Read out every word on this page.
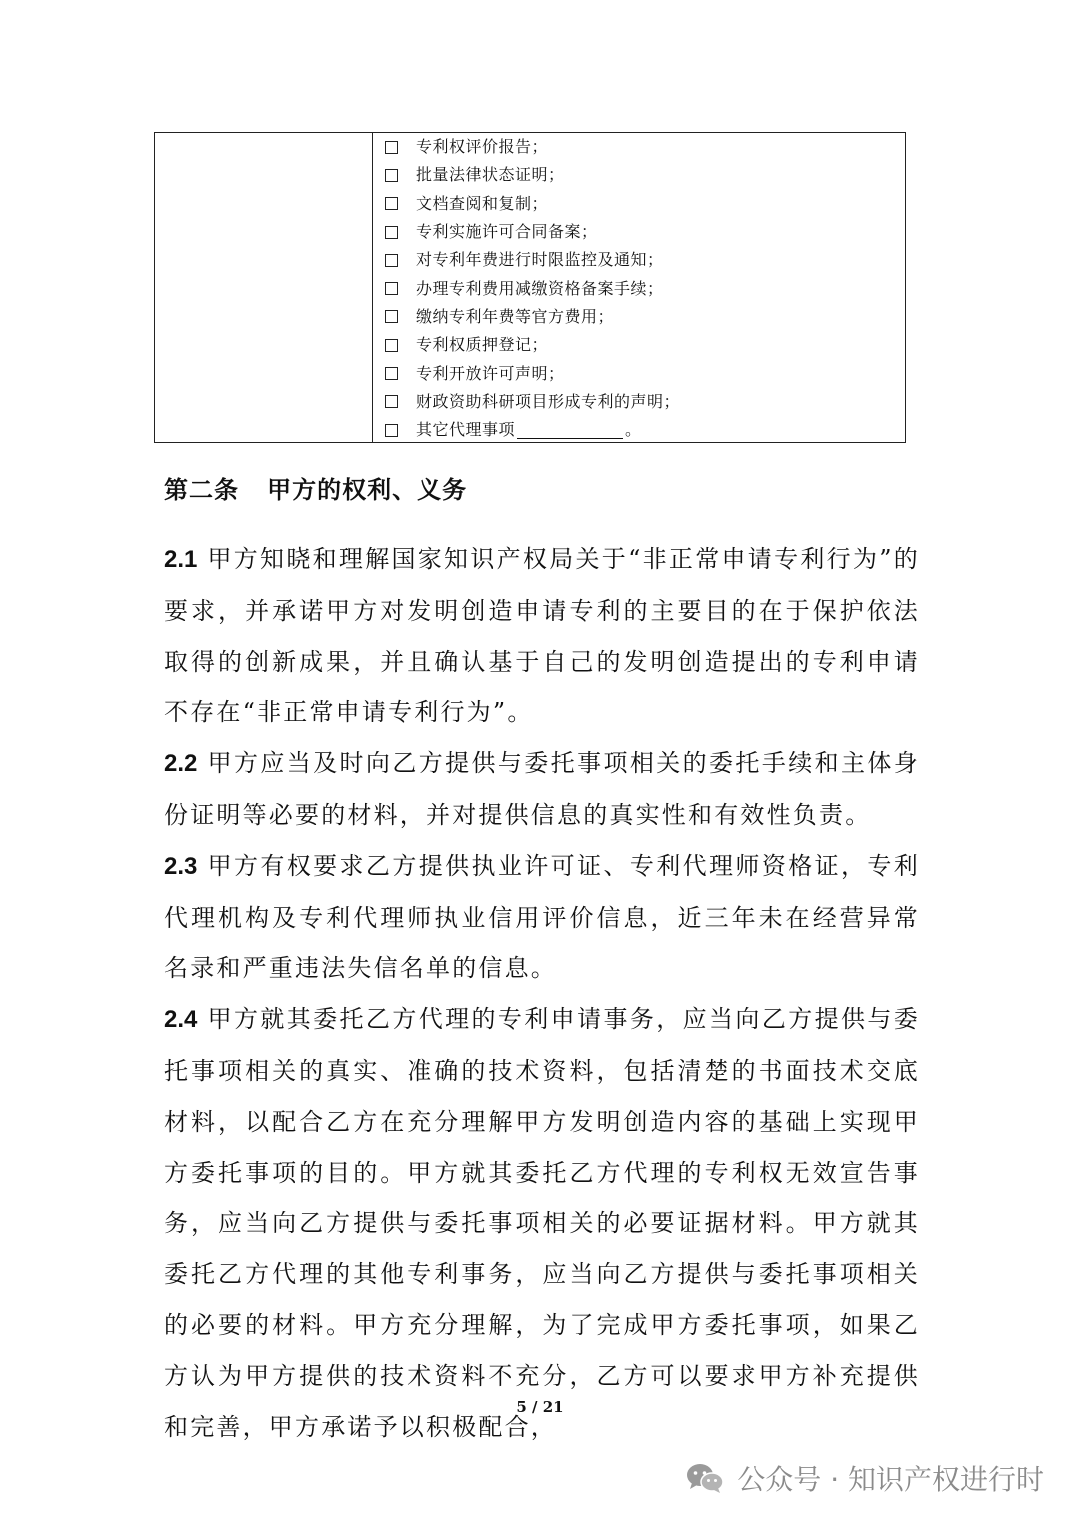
专利权评价报告；
批量法律状态证明；
文档查阅和复制；
专利实施许可合同备案；
对专利年费进行时限监控及通知；
办理专利费用减缴资格备案手续；
缴纳专利年费等官方费用；
专利权质押登记；
专利开放许可声明；
财政资助科研项目形成专利的声明；
其它代理事项	。
第二条   甲方的权利、义务

2.1 甲方知晓和理解国家知识产权局关于“非正常申请专利行为”的要求，并承诺甲方对发明创造申请专利的主要目的在于保护依法取得的创新成果，并且确认基于自己的发明创造提出的专利申请不存在“非正常申请专利行为”。

2.2 甲方应当及时向乙方提供与委托事项相关的委托手续和主体身份证明等必要的材料，并对提供信息的真实性和有效性负责。

2.3 甲方有权要求乙方提供执业许可证、专利代理师资格证，专利代理机构及专利代理师执业信用评价信息，近三年未在经营异常名录和严重违法失信名单的信息。

2.4 甲方就其委托乙方代理的专利申请事务，应当向乙方提供与委托事项相关的真实、准确的技术资料，包括清楚的书面技术交底材料，以配合乙方在充分理解甲方发明创造内容的基础上实现甲方委托事项的目的。甲方就其委托乙方代理的专利权无效宣告事务，应当向乙方提供与委托事项相关的必要证据材料。甲方就其委托乙方代理的其他专利事务，应当向乙方提供与委托事项相关的必要的材料。甲方充分理解，为了完成甲方委托事项，如果乙方认为甲方提供的技术资料不充分，乙方可以要求甲方补充提供和完善，甲方承诺予以积极配合，

5 / 21
公众号 · 知识产权进行时
